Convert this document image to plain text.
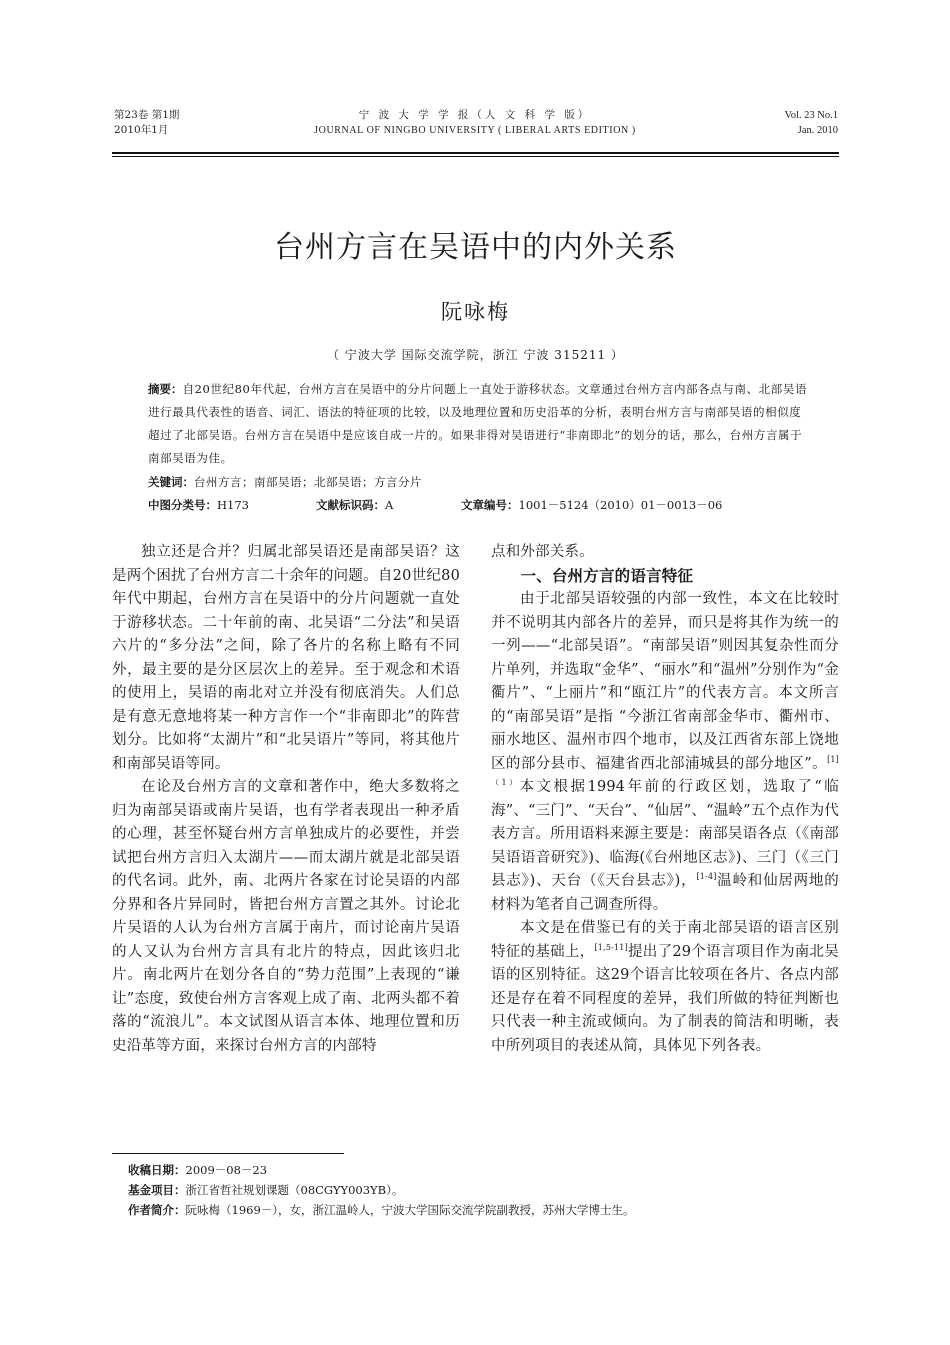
第23卷 第1期
2010年1月
宁 波 大 学 学 报（人 文 科 学 版）
JOURNAL OF NINGBO UNIVERSITY ( LIBERAL ARTS EDITION )
Vol. 23 No.1
Jan. 2010
台州方言在吴语中的内外关系
阮咏梅
（ 宁波大学 国际交流学院，浙江 宁波 315211 ）
摘要：自20世纪80年代起，台州方言在吴语中的分片问题上一直处于游移状态。文章通过台州方言内部各点与南、北部吴语进行最具代表性的语音、词汇、语法的特征项的比较，以及地理位置和历史沿革的分析，表明台州方言与南部吴语的相似度超过了北部吴语。台州方言在吴语中是应该自成一片的。如果非得对吴语进行“非南即北”的划分的话，那么，台州方言属于南部吴语为佳。
关键词：台州方言；南部吴语；北部吴语；方言分片
中图分类号：H173	文献标识码：A	文章编号：1001－5124（2010）01－0013－06

独立还是合并？归属北部吴语还是南部吴语？这是两个困扰了台州方言二十余年的问题。自20世纪80年代中期起，台州方言在吴语中的分片问题就一直处于游移状态。二十年前的南、北吴语“二分法”和吴语六片的“多分法”之间，除了各片的名称上略有不同外，最主要的是分区层次上的差异。至于观念和术语的使用上，吴语的南北对立并没有彻底消失。人们总是有意无意地将某一种方言作一个“非南即北”的阵营划分。比如将“太湖片”和“北吴语片”等同，将其他片和南部吴语等同。

在论及台州方言的文章和著作中，绝大多数将之归为南部吴语或南片吴语，也有学者表现出一种矛盾的心理，甚至怀疑台州方言单独成片的必要性，并尝试把台州方言归入太湖片——而太湖片就是北部吴语的代名词。此外，南、北两片各家在讨论吴语的内部分界和各片异同时，皆把台州方言置之其外。讨论北片吴语的人认为台州方言属于南片，而讨论南片吴语的人又认为台州方言具有北片的特点，因此该归北片。南北两片在划分各自的“势力范围”上表现的“谦让”态度，致使台州方言客观上成了南、北两头都不着落的“流浪儿”。本文试图从语言本体、地理位置和历史沿革等方面，来探讨台州方言的内部特

点和外部关系。

一、台州方言的语言特征

由于北部吴语较强的内部一致性，本文在比较时并不说明其内部各片的差异，而只是将其作为统一的一列——“北部吴语”。“南部吴语”则因其复杂性而分片单列，并选取“金华”、“丽水”和“温州”分别作为“金衢片”、“上丽片”和“瓯江片”的代表方言。本文所言的“南部吴语”是指 “今浙江省南部金华市、衢州市、丽水地区、温州市四个地市，以及江西省东部上饶地区的部分县市、福建省西北部浦城县的部分地区”。$^{[1](1)}$本文根据1994年前的行政区划，选取了“临海”、“三门”、“天台”、“仙居”、“温岭”五个点作为代表方言。所用语料来源主要是：南部吴语各点（《南部吴语语音研究》)、临海(《台州地区志》)、三门（《三门县志》)、天台（《天台县志》)，[1-4]温岭和仙居两地的材料为笔者自己调查所得。

本文是在借鉴已有的关于南北部吴语的语言区别特征的基础上，[1,5-11]提出了29个语言项目作为南北吴语的区别特征。这29个语言比较项在各片、各点内部还是存在着不同程度的差异，我们所做的特征判断也只代表一种主流或倾向。为了制表的简洁和明晰，表中所列项目的表述从简，具体见下列各表。

收稿日期：2009－08－23
基金项目：浙江省哲社规划课题（08CGYY003YB）。
作者简介：阮咏梅（1969－），女，浙江温岭人，宁波大学国际交流学院副教授，苏州大学博士生。
